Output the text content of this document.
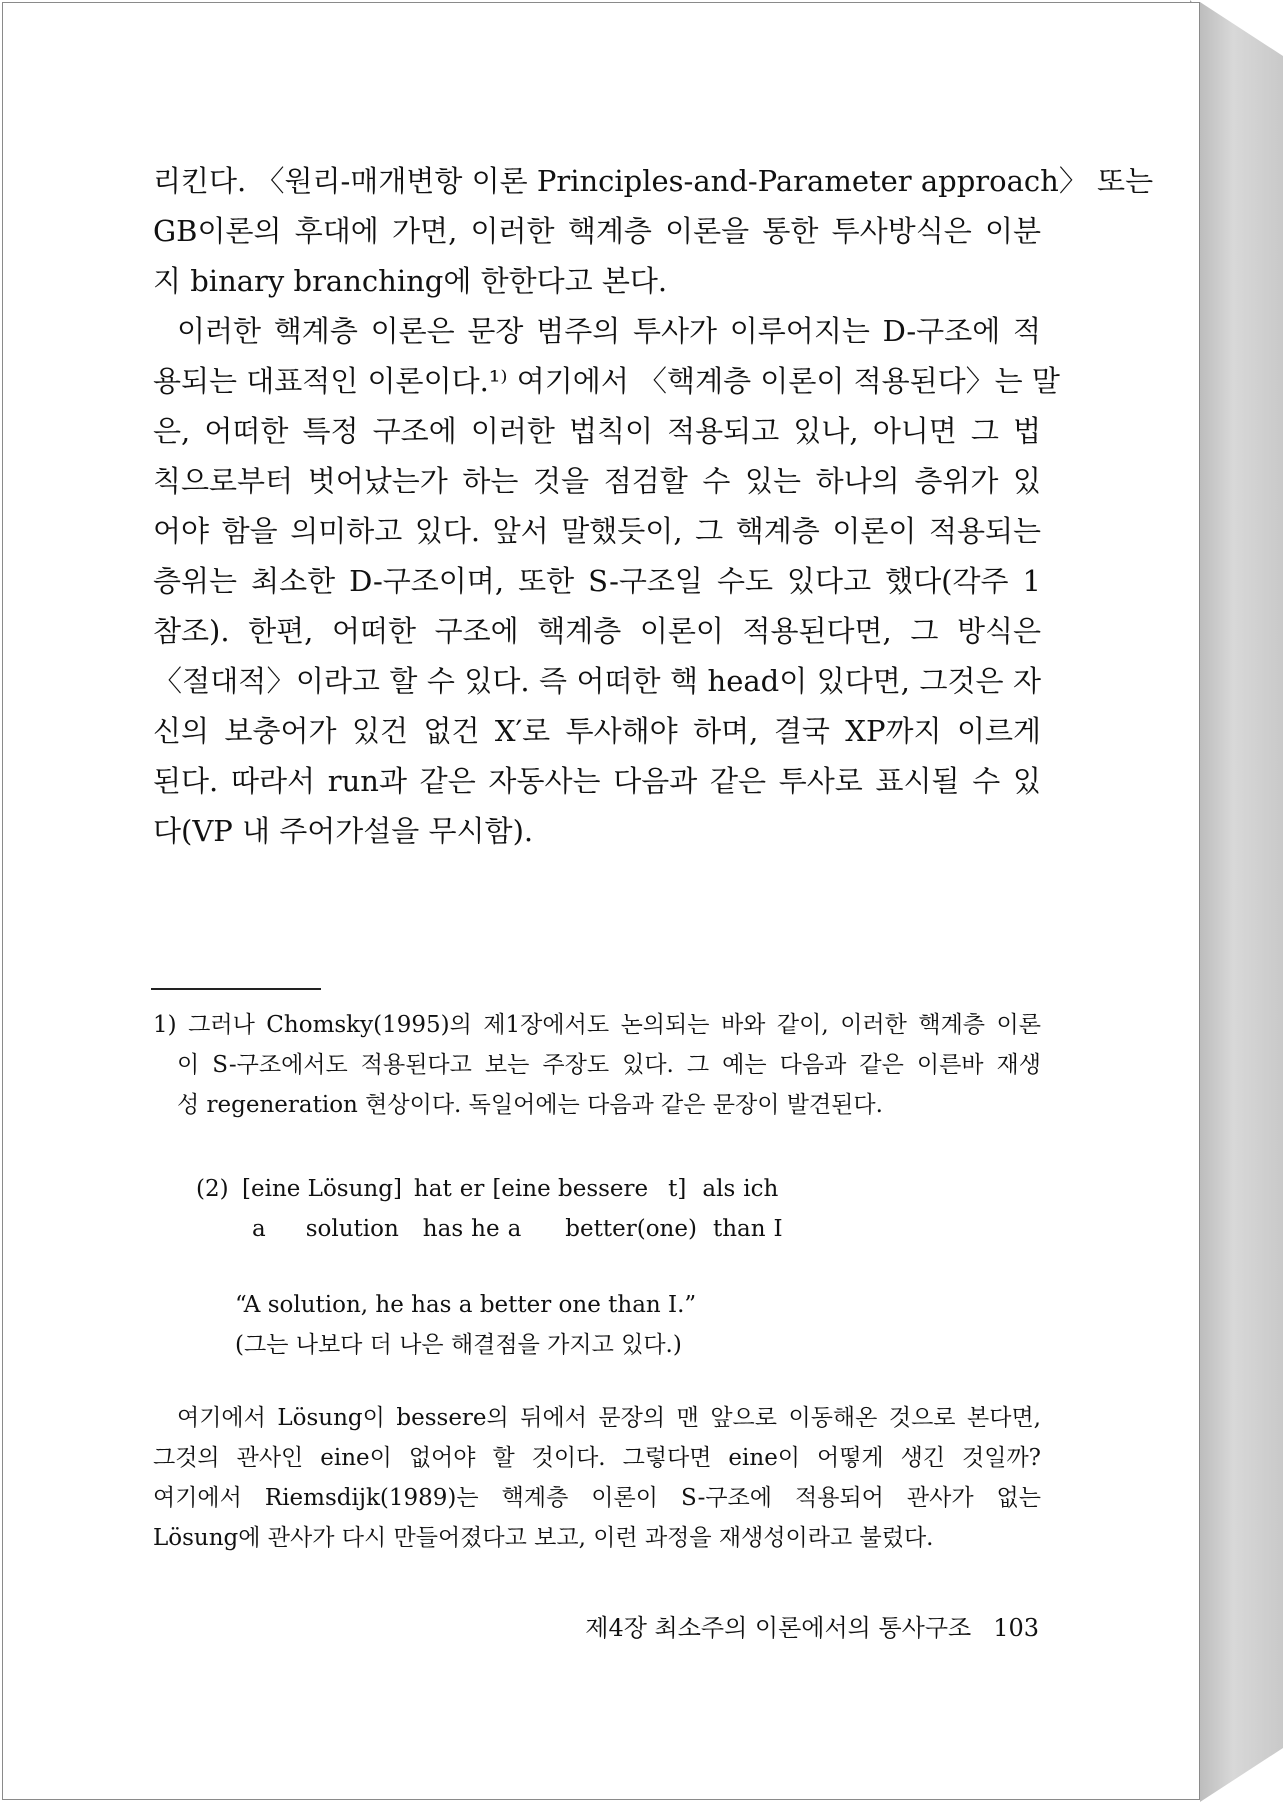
리킨다. 〈원리-매개변항 이론 Principles-and-Parameter approach〉 또는
GB이론의 후대에 가면, 이러한 핵계층 이론을 통한 투사방식은 이분
지 binary branching에 한한다고 본다.
이러한 핵계층 이론은 문장 범주의 투사가 이루어지는 D-구조에 적
용되는 대표적인 이론이다.¹⁾ 여기에서 〈핵계층 이론이 적용된다〉는 말
은, 어떠한 특정 구조에 이러한 법칙이 적용되고 있나, 아니면 그 법
칙으로부터 벗어났는가 하는 것을 점검할 수 있는 하나의 층위가 있
어야 함을 의미하고 있다. 앞서 말했듯이, 그 핵계층 이론이 적용되는
층위는 최소한 D-구조이며, 또한 S-구조일 수도 있다고 했다(각주 1
참조). 한편, 어떠한 구조에 핵계층 이론이 적용된다면, 그 방식은
〈절대적〉이라고 할 수 있다. 즉 어떠한 핵 head이 있다면, 그것은 자
신의 보충어가 있건 없건 X′로 투사해야 하며, 결국 XP까지 이르게
된다. 따라서 run과 같은 자동사는 다음과 같은 투사로 표시될 수 있
다(VP 내 주어가설을 무시함).
1) 그러나 Chomsky(1995)의 제1장에서도 논의되는 바와 같이, 이러한 핵계층 이론
이 S-구조에서도 적용된다고 보는 주장도 있다. 그 예는 다음과 같은 이른바 재생
성 regeneration 현상이다. 독일어에는 다음과 같은 문장이 발견된다.
(2) [eine Lösung] hat er [eine bessere t] als ich
a solution has he a better(one) than I
“A solution, he has a better one than I.”
(그는 나보다 더 나은 해결점을 가지고 있다.)
여기에서 Lösung이 bessere의 뒤에서 문장의 맨 앞으로 이동해온 것으로 본다면,
그것의 관사인 eine이 없어야 할 것이다. 그렇다면 eine이 어떻게 생긴 것일까?
여기에서 Riemsdijk(1989)는 핵계층 이론이 S-구조에 적용되어 관사가 없는
Lösung에 관사가 다시 만들어졌다고 보고, 이런 과정을 재생성이라고 불렀다.
제4장 최소주의 이론에서의 통사구조 103
